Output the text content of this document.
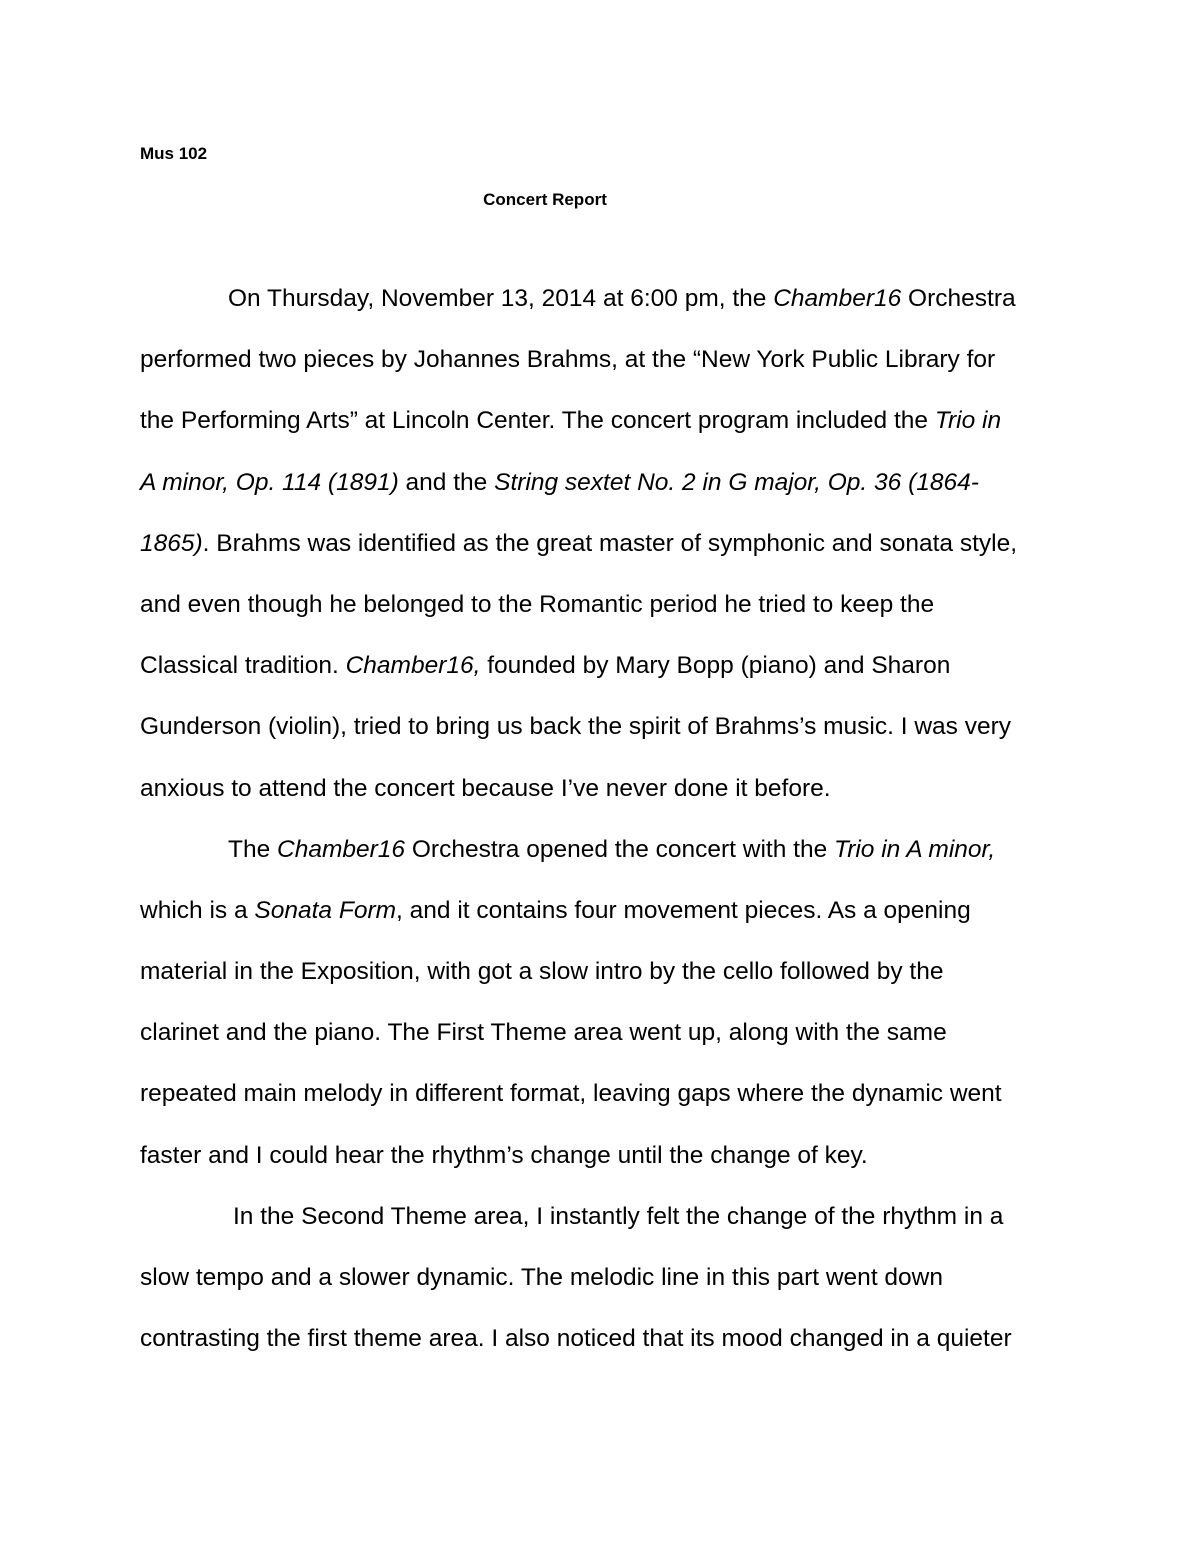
Mus 102
Concert Report
On Thursday, November 13, 2014 at 6:00 pm, the Chamber16 Orchestra
performed two pieces by Johannes Brahms, at the “New York Public Library for
the Performing Arts” at Lincoln Center. The concert program included the Trio in
A minor, Op. 114 (1891) and the String sextet No. 2 in G major, Op. 36 (1864-
1865). Brahms was identified as the great master of symphonic and sonata style,
and even though he belonged to the Romantic period he tried to keep the
Classical tradition. Chamber16, founded by Mary Bopp (piano) and Sharon
Gunderson (violin), tried to bring us back the spirit of Brahms’s music. I was very
anxious to attend the concert because I’ve never done it before.
The Chamber16 Orchestra opened the concert with the Trio in A minor,
which is a Sonata Form, and it contains four movement pieces. As a opening
material in the Exposition, with got a slow intro by the cello followed by the
clarinet and the piano. The First Theme area went up, along with the same
repeated main melody in different format, leaving gaps where the dynamic went
faster and I could hear the rhythm’s change until the change of key.
In the Second Theme area, I instantly felt the change of the rhythm in a
slow tempo and a slower dynamic. The melodic line in this part went down
contrasting the first theme area. I also noticed that its mood changed in a quieter
